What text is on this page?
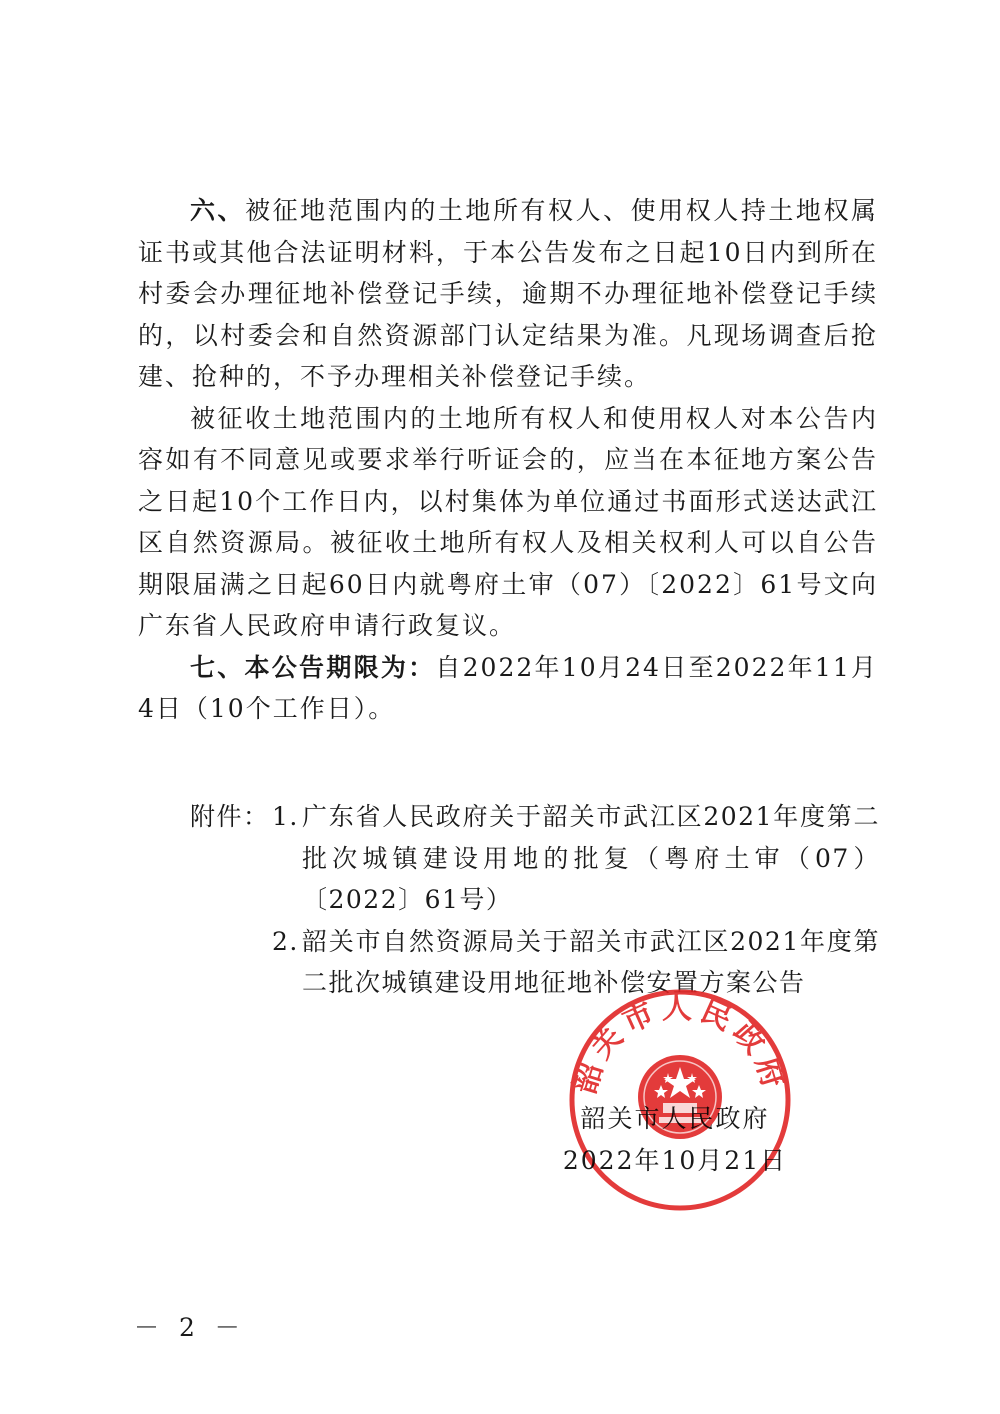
六、被征地范围内的土地所有权人、使用权人持土地权属证书或其他合法证明材料，于本公告发布之日起10日内到所在村委会办理征地补偿登记手续，逾期不办理征地补偿登记手续的，以村委会和自然资源部门认定结果为准。凡现场调查后抢建、抢种的，不予办理相关补偿登记手续。

被征收土地范围内的土地所有权人和使用权人对本公告内容如有不同意见或要求举行听证会的，应当在本征地方案公告之日起10个工作日内，以村集体为单位通过书面形式送达武江区自然资源局。被征收土地所有权人及相关权利人可以自公告期限届满之日起60日内就粤府土审（07）〔2022〕61号文向广东省人民政府申请行政复议。

七、本公告期限为：自2022年10月24日至2022年11月4日（10个工作日）。

附件： 1. 广东省人民政府关于韶关市武江区2021年度第二批次城镇建设用地的批复（粤府土审（07）〔2022〕61号）
2. 韶关市自然资源局关于韶关市武江区2021年度第二批次城镇建设用地征地补偿安置方案公告
韶关市人民政府
韶关市人民政府
2022年10月21日
－ 2 －
